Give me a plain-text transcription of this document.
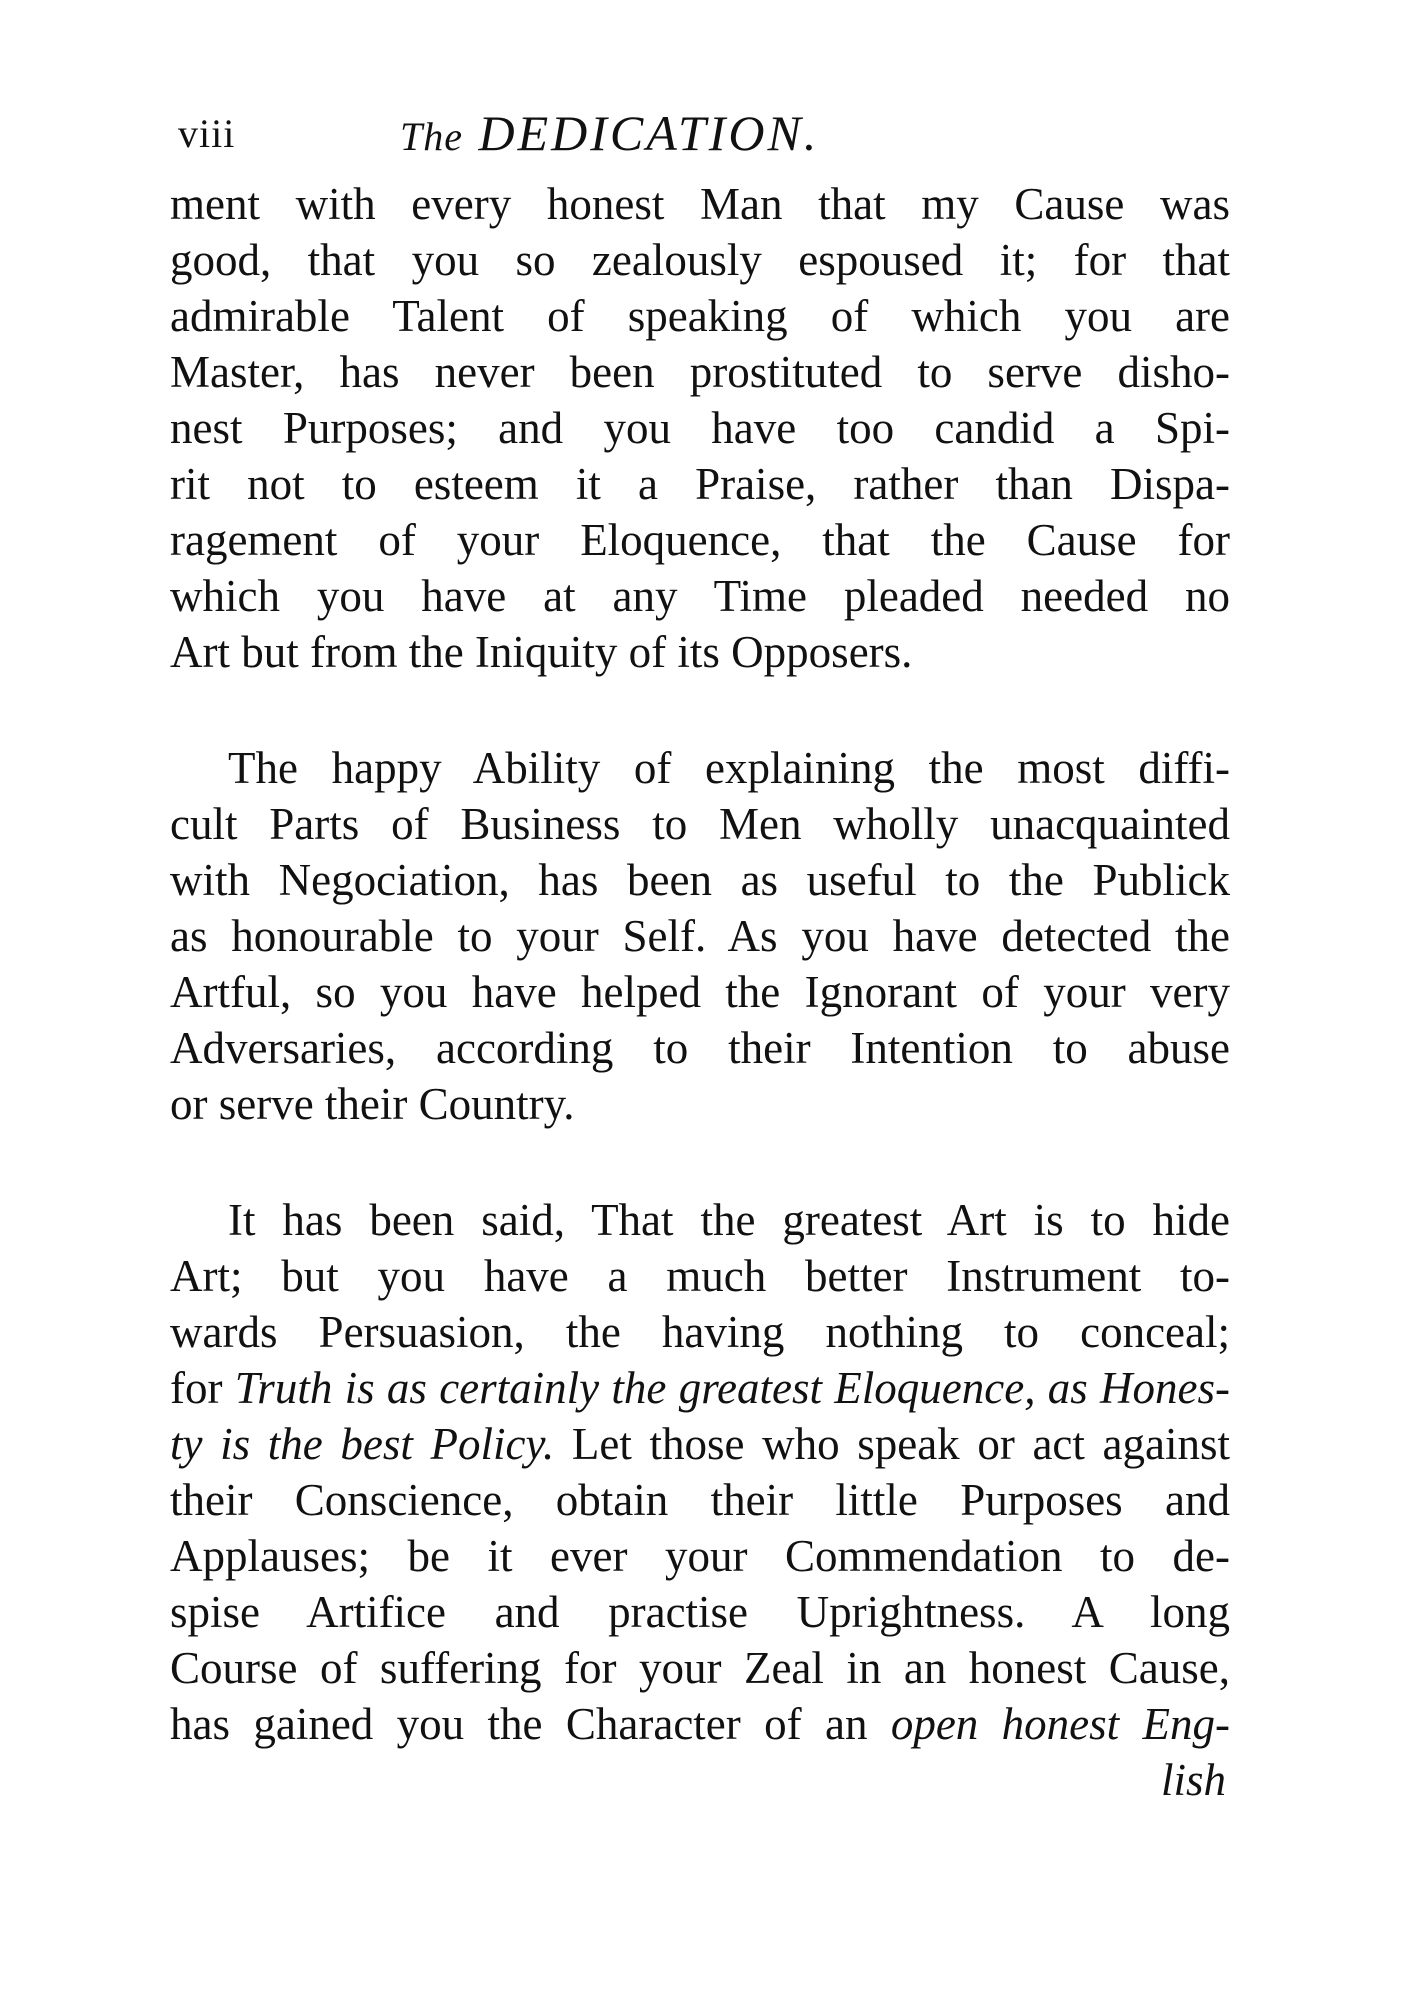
viii	The DEDICATION.
ment with every honest Man that my Cause was
good, that you so zealously espoused it; for that
admirable Talent of speaking of which you are
Master, has never been prostituted to serve disho-
nest Purposes; and you have too candid a Spi-
rit not to esteem it a Praise, rather than Dispa-
ragement of your Eloquence, that the Cause for
which you have at any Time pleaded needed no
Art but from the Iniquity of its Opposers.
The happy Ability of explaining the most diffi-
cult Parts of Business to Men wholly unacquainted
with Negociation, has been as useful to the Publick
as honourable to your Self. As you have detected the
Artful, so you have helped the Ignorant of your very
Adversaries, according to their Intention to abuse
or serve their Country.
It has been said, That the greatest Art is to hide
Art; but you have a much better Instrument to-
wards Persuasion, the having nothing to conceal;
for Truth is as certainly the greatest Eloquence, as Hones-
ty is the best Policy. Let those who speak or act against
their Conscience, obtain their little Purposes and
Applauses; be it ever your Commendation to de-
spise Artifice and practise Uprightness. A long
Course of suffering for your Zeal in an honest Cause,
has gained you the Character of an open honest Eng-
lish
